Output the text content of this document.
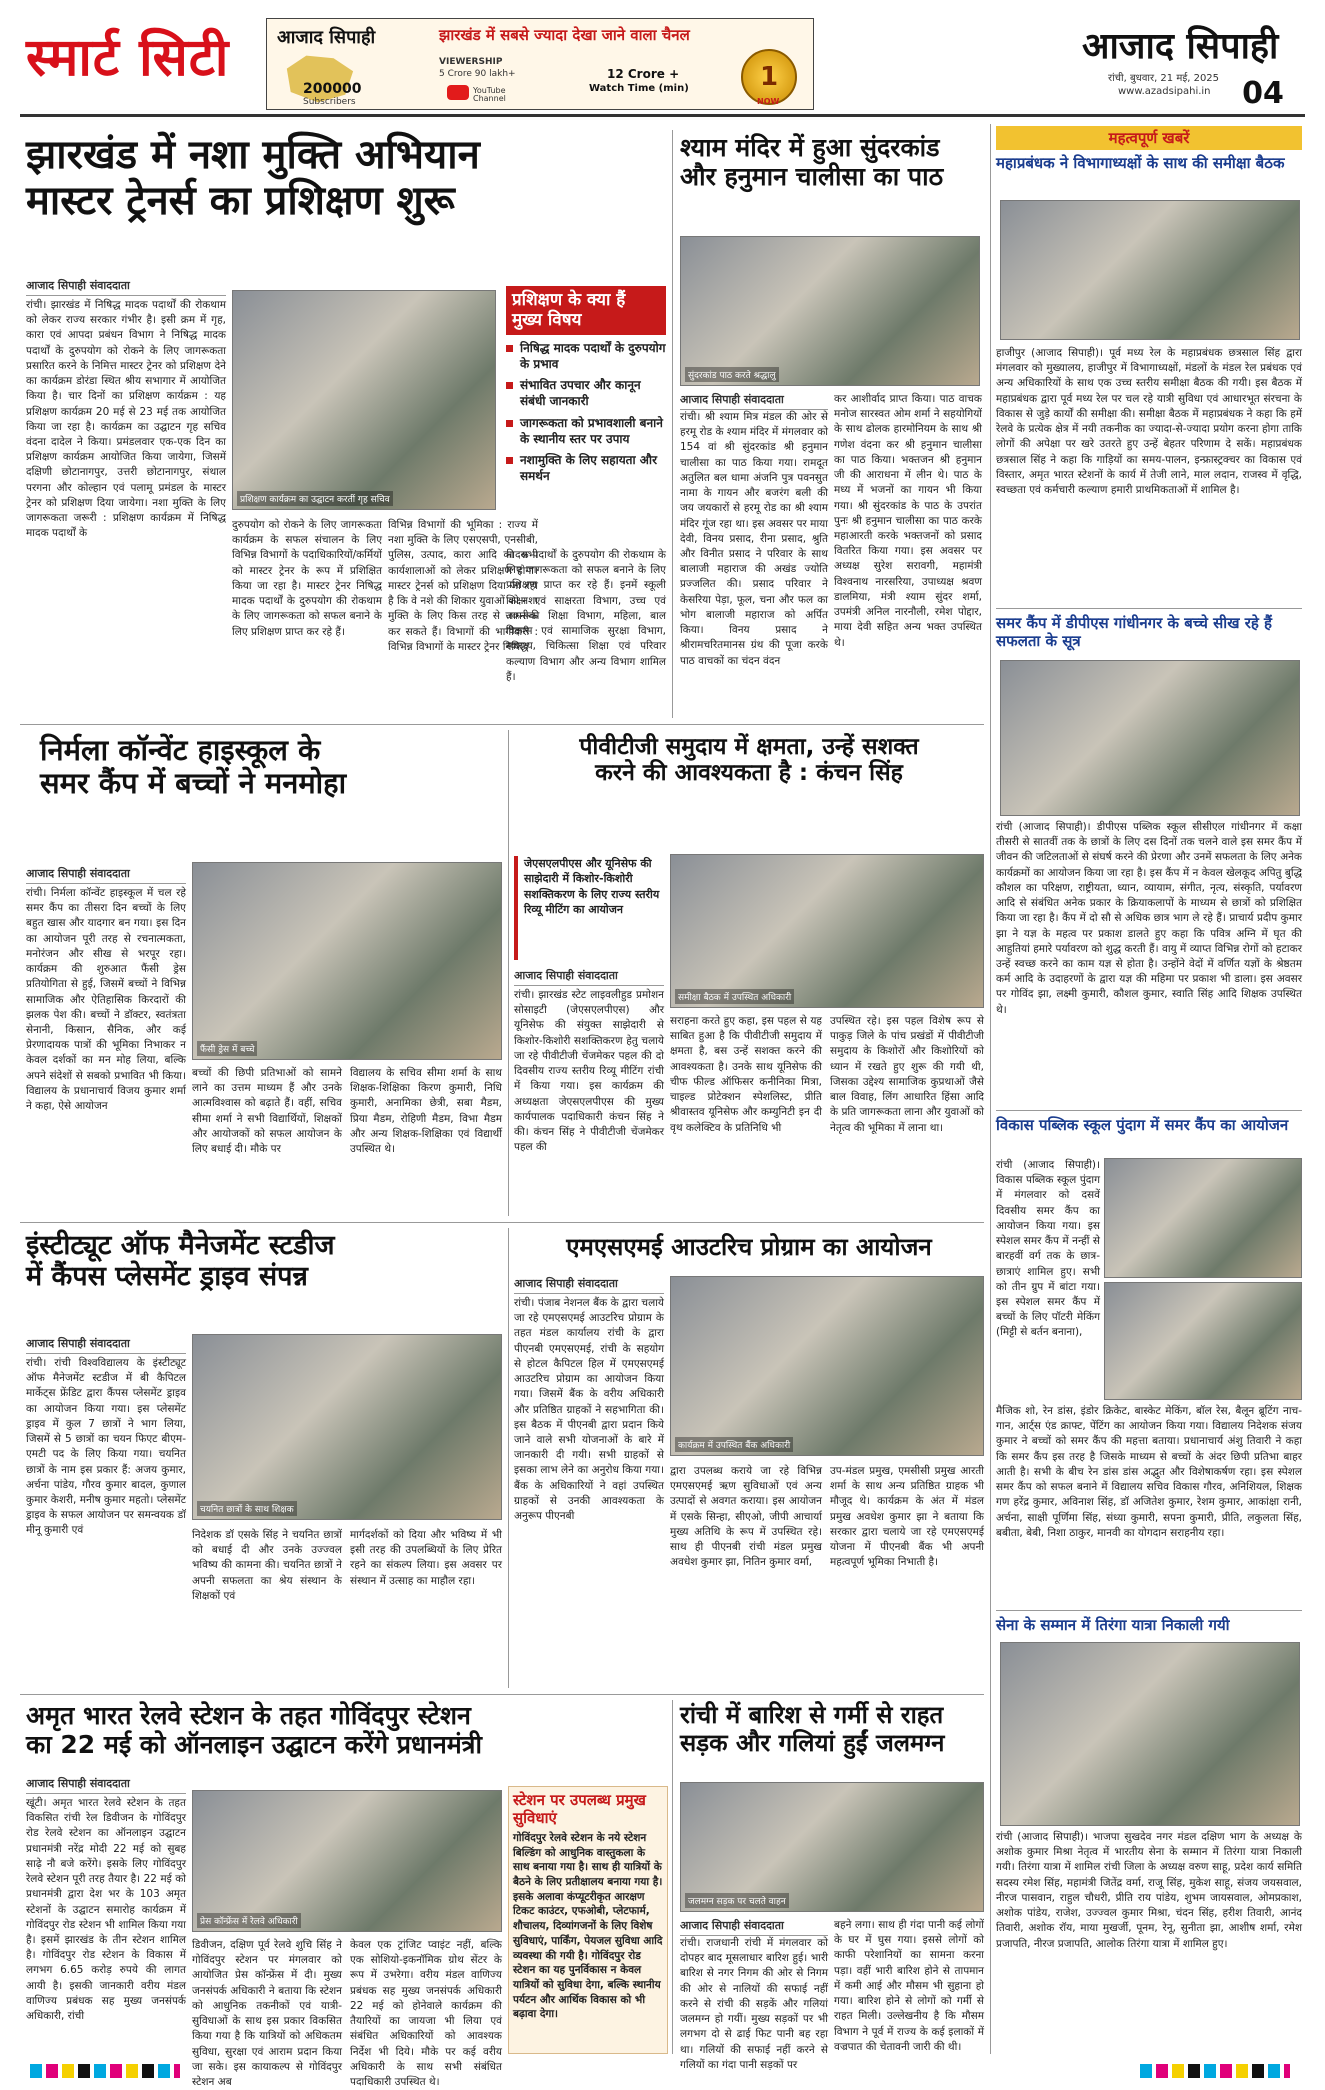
स्मार्ट सिटी	आजाद सिपाही	झारखंड में सबसे ज्यादा देखा जाने वाला चैनल
200000
Subscribers
VIEWERSHIP
5 Crore 90 lakh+
YouTube Channel
12 Crore +
Watch Time (min)	1
NOW
आजाद सिपाही
रांची, बुधवार, 21 मई, 2025
www.azadsipahi.in 04
झारखंड में नशा मुक्ति अभियान
मास्टर ट्रेनर्स का प्रशिक्षण शुरू
आजाद सिपाही संवाददाता
रांची। झारखंड में निषिद्ध मादक पदार्थों की रोकथाम को लेकर राज्य सरकार गंभीर है। इसी क्रम में गृह, कारा एवं आपदा प्रबंधन विभाग ने निषिद्ध मादक पदार्थों के दुरुपयोग को रोकने के लिए जागरूकता प्रसारित करने के निमित्त मास्टर ट्रेनर को प्रशिक्षण देने का कार्यक्रम डोरंडा स्थित श्रीय सभागार में आयोजित किया है। चार दिनों का प्रशिक्षण कार्यक्रम : यह प्रशिक्षण कार्यक्रम 20 मई से 23 मई तक आयोजित किया जा रहा है। कार्यक्रम का उद्घाटन गृह सचिव वंदना दादेल ने किया। प्रमंडलवार एक-एक दिन का प्रशिक्षण कार्यक्रम आयोजित किया जायेगा, जिसमें दक्षिणी छोटानागपुर, उत्तरी छोटानागपुर, संथाल परगना और कोल्हान एवं पलामू प्रमंडल के मास्टर ट्रेनर को प्रशिक्षण दिया जायेगा। नशा मुक्ति के लिए जागरूकता जरूरी : प्रशिक्षण कार्यक्रम में निषिद्ध मादक पदार्थों के
प्रशिक्षण कार्यक्रम का उद्घाटन करतीं गृह सचिव
प्रशिक्षण के क्या हैं मुख्य विषय
निषिद्ध मादक पदार्थों के दुरुपयोग के प्रभाव
संभावित उपचार और कानून संबंधी जानकारी
जागरूकता को प्रभावशाली बनाने के स्थानीय स्तर पर उपाय
नशामुक्ति के लिए सहायता और समर्थन
दुरुपयोग को रोकने के लिए जागरूकता कार्यक्रम के सफल संचालन के लिए विभिन्न विभागों के पदाधिकारियों/कर्मियों को मास्टर ट्रेनर के रूप में प्रशिक्षित किया जा रहा है। मास्टर ट्रेनर निषिद्ध मादक पदार्थों के दुरुपयोग की रोकथाम के लिए जागरूकता को सफल बनाने के लिए प्रशिक्षण प्राप्त कर रहे हैं।
विभिन्न विभागों की भूमिका : राज्य में नशा मुक्ति के लिए एसएसपी, एनसीबी, पुलिस, उत्पाद, कारा आदि की सभी कार्यशालाओं को लेकर प्रशिक्षण होगा। मास्टर ट्रेनर्स को प्रशिक्षण दिया जा रहा है कि वे नशे की शिकार युवाओं को नशा मुक्ति के लिए किस तरह से जागरूक कर सकते हैं। विभागों की भागीदारी : विभिन्न विभागों के मास्टर ट्रेनर निषिद्ध
मादक पदार्थों के दुरुपयोग की रोकथाम के लिए जागरूकता को सफल बनाने के लिए प्रशिक्षण प्राप्त कर रहे हैं। इनमें स्कूली शिक्षा एवं साक्षरता विभाग, उच्च एवं तकनीकी शिक्षा विभाग, महिला, बाल विकास एवं सामाजिक सुरक्षा विभाग, स्वास्थ्य, चिकित्सा शिक्षा एवं परिवार कल्याण विभाग और अन्य विभाग शामिल हैं।
श्याम मंदिर में हुआ सुंदरकांड
और हनुमान चालीसा का पाठ
सुंदरकांड पाठ करते श्रद्धालु
आजाद सिपाही संवाददाता
रांची। श्री श्याम मित्र मंडल की ओर से हरमू रोड के श्याम मंदिर में मंगलवार को 154 वां श्री सुंदरकांड श्री हनुमान चालीसा का पाठ किया गया। रामदूत अतुलित बल धामा अंजनि पुत्र पवनसुत नामा के गायन और बजरंग बली की जय जयकारों से हरमू रोड का श्री श्याम मंदिर गूंज रहा था। इस अवसर पर माया देवी, विनय प्रसाद, रीना प्रसाद, श्रुति और विनीत प्रसाद ने परिवार के साथ बालाजी महाराज की अखंड ज्योति प्रज्जलित की। प्रसाद परिवार ने केसरिया पेड़ा, फूल, चना और फल का भोग बालाजी महाराज को अर्पित किया। विनय प्रसाद ने श्रीरामचरितमानस ग्रंथ की पूजा करके पाठ वाचकों का चंदन वंदन
कर आशीर्वाद प्राप्त किया। पाठ वाचक मनोज सारस्वत ओम शर्मा ने सहयोगियों के साथ ढोलक हारमोनियम के साथ श्री गणेश वंदना कर श्री हनुमान चालीसा का पाठ किया। भक्तजन श्री हनुमान जी की आराधना में लीन थे। पाठ के मध्य में भजनों का गायन भी किया गया। श्री सुंदरकांड के पाठ के उपरांत पुनः श्री हनुमान चालीसा का पाठ करके महाआरती करके भक्तजनों को प्रसाद वितरित किया गया। इस अवसर पर अध्यक्ष सुरेश सरावगी, महामंत्री विश्वनाथ नारसरिया, उपाध्यक्ष श्रवण डालमिया, मंत्री श्याम सुंदर शर्मा, उपमंत्री अनिल नारनौली, रमेश पोद्दार, माया देवी सहित अन्य भक्त उपस्थित थे।
निर्मला कॉन्वेंट हाइस्कूल के
समर कैंप में बच्चों ने मनमोहा
आजाद सिपाही संवाददाता
रांची। निर्मला कॉन्वेंट हाइस्कूल में चल रहे समर कैंप का तीसरा दिन बच्चों के लिए बहुत खास और यादगार बन गया। इस दिन का आयोजन पूरी तरह से रचनात्मकता, मनोरंजन और सीख से भरपूर रहा। कार्यक्रम की शुरुआत फैंसी ड्रेस प्रतियोगिता से हुई, जिसमें बच्चों ने विभिन्न सामाजिक और ऐतिहासिक किरदारों की झलक पेश की। बच्चों ने डॉक्टर, स्वतंत्रता सेनानी, किसान, सैनिक, और कई प्रेरणादायक पात्रों की भूमिका निभाकर न केवल दर्शकों का मन मोह लिया, बल्कि अपने संदेशों से सबको प्रभावित भी किया। विद्यालय के प्रधानाचार्य विजय कुमार शर्मा ने कहा, ऐसे आयोजन
फैंसी ड्रेस में बच्चे
बच्चों की छिपी प्रतिभाओं को सामने लाने का उत्तम माध्यम हैं और उनके आत्मविश्वास को बढ़ाते हैं। वहीं, सचिव सीमा शर्मा ने सभी विद्यार्थियों, शिक्षकों और आयोजकों को सफल आयोजन के लिए बधाई दी। मौके पर
विद्यालय के सचिव सीमा शर्मा के साथ शिक्षक-शिक्षिका किरण कुमारी, निधि कुमारी, अनामिका छेत्री, सबा मैडम, प्रिया मैडम, रोहिणी मैडम, विभा मैडम और अन्य शिक्षक-शिक्षिका एवं विद्यार्थी उपस्थित थे।
पीवीटीजी समुदाय में क्षमता, उन्हें सशक्त
करने की आवश्यकता है : कंचन सिंह
जेएसएलपीएस और यूनिसेफ की साझेदारी में किशोर-किशोरी सशक्तिकरण के लिए राज्य स्तरीय रिव्यू मीटिंग का आयोजन
समीक्षा बैठक में उपस्थित अधिकारी
आजाद सिपाही संवाददाता
रांची। झारखंड स्टेट लाइवलीहुड प्रमोशन सोसाइटी (जेएसएलपीएस) और यूनिसेफ की संयुक्त साझेदारी से किशोर-किशोरी सशक्तिकरण हेतु चलाये जा रहे पीवीटीजी चेंजमेकर पहल की दो दिवसीय राज्य स्तरीय रिव्यू मीटिंग रांची में किया गया। इस कार्यक्रम की अध्यक्षता जेएसएलपीएस की मुख्य कार्यपालक पदाधिकारी कंचन सिंह ने की। कंचन सिंह ने पीवीटीजी चेंजमेकर पहल की
सराहना करते हुए कहा, इस पहल से यह साबित हुआ है कि पीवीटीजी समुदाय में क्षमता है, बस उन्हें सशक्त करने की आवश्यकता है। उनके साथ यूनिसेफ की चीफ फील्ड ऑफिसर कनीनिका मित्रा, चाइल्ड प्रोटेक्शन स्पेशलिस्ट, प्रीति श्रीवास्तव यूनिसेफ और कम्युनिटी इन दी वृथ कलेक्टिव के प्रतिनिधि भी
उपस्थित रहे। इस पहल विशेष रूप से पाकुड़ जिले के पांच प्रखंडों में पीवीटीजी समुदाय के किशोरों और किशोरियों को ध्यान में रखते हुए शुरू की गयी थी, जिसका उद्देश्य सामाजिक कुप्रथाओं जैसे बाल विवाह, लिंग आधारित हिंसा आदि के प्रति जागरूकता लाना और युवाओं को नेतृत्व की भूमिका में लाना था।
इंस्टीट्यूट ऑफ मैनेजमेंट स्टडीज
में कैंपस प्लेसमेंट ड्राइव संपन्न
आजाद सिपाही संवाददाता
रांची। रांची विश्वविद्यालय के इंस्टीट्यूट ऑफ मैनेजमेंट स्टडीज में बी कैपिटल मार्केट्स फ्रेंडिट द्वारा कैंपस प्लेसमेंट ड्राइव का आयोजन किया गया। इस प्लेसमेंट ड्राइव में कुल 7 छात्रों ने भाग लिया, जिसमें से 5 छात्रों का चयन फिएट बीएम-एमटी पद के लिए किया गया। चयनित छात्रों के नाम इस प्रकार हैं: अजय कुमार, अर्चना पांडेय, गौरव कुमार बादल, कुणाल कुमार केशरी, मनीष कुमार महतो। प्लेसमेंट ड्राइव के सफल आयोजन पर समन्वयक डॉ मीनू कुमारी एवं
चयनित छात्रों के साथ शिक्षक
निदेशक डॉ एसके सिंह ने चयनित छात्रों को बधाई दी और उनके उज्ज्वल भविष्य की कामना की। चयनित छात्रों ने अपनी सफलता का श्रेय संस्थान के शिक्षकों एवं
मार्गदर्शकों को दिया और भविष्य में भी इसी तरह की उपलब्धियों के लिए प्रेरित रहने का संकल्प लिया। इस अवसर पर संस्थान में उत्साह का माहौल रहा।
एमएसएमई आउटरिच प्रोग्राम का आयोजन
आजाद सिपाही संवाददाता
रांची। पंजाब नेशनल बैंक के द्वारा चलाये जा रहे एमएसएमई आउटरिच प्रोग्राम के तहत मंडल कार्यालय रांची के द्वारा पीएनबी एमएसएमई, रांची के सहयोग से होटल कैपिटल हिल में एमएसएमई आउटरिच प्रोग्राम का आयोजन किया गया। जिसमें बैंक के वरीय अधिकारी और प्रतिष्ठित ग्राहकों ने सहभागिता की। इस बैठक में पीएनबी द्वारा प्रदान किये जाने वाले सभी योजनाओं के बारे में जानकारी दी गयी। सभी ग्राहकों से इसका लाभ लेने का अनुरोध किया गया। बैंक के अधिकारियों ने वहां उपस्थित ग्राहकों से उनकी आवश्यकता के अनुरूप पीएनबी
कार्यक्रम में उपस्थित बैंक अधिकारी
द्वारा उपलब्ध कराये जा रहे विभिन्न एमएसएमई ऋण सुविधाओं एवं अन्य उत्पादों से अवगत कराया। इस आयोजन में एसके सिन्हा, सीएओ, जीपी आचार्या मुख्य अतिथि के रूप में उपस्थित रहे। साथ ही पीएनबी रांची मंडल प्रमुख अवधेश कुमार झा, नितिन कुमार वर्मा,
उप-मंडल प्रमुख, एमसीसी प्रमुख आरती शर्मा के साथ अन्य प्रतिष्ठित ग्राहक भी मौजूद थे। कार्यक्रम के अंत में मंडल प्रमुख अवधेश कुमार झा ने बताया कि सरकार द्वारा चलाये जा रहे एमएसएमई योजना में पीएनबी बैंक भी अपनी महत्वपूर्ण भूमिका निभाती है।
अमृत भारत रेलवे स्टेशन के तहत गोविंदपुर स्टेशन
का 22 मई को ऑनलाइन उद्घाटन करेंगे प्रधानमंत्री
आजाद सिपाही संवाददाता
खूंटी। अमृत भारत रेलवे स्टेशन के तहत विकसित रांची रेल डिवीजन के गोविंदपुर रोड रेलवे स्टेशन का ऑनलाइन उद्घाटन प्रधानमंत्री नरेंद्र मोदी 22 मई को सुबह साढ़े नौ बजे करेंगे। इसके लिए गोविंदपुर रेलवे स्टेशन पूरी तरह तैयार है। 22 मई को प्रधानमंत्री द्वारा देश भर के 103 अमृत स्टेशनों के उद्घाटन समारोह कार्यक्रम में गोविंदपुर रोड स्टेशन भी शामिल किया गया है। इसमें झारखंड के तीन स्टेशन शामिल है। गोविंदपुर रोड स्टेशन के विकास में लगभग 6.65 करोड़ रुपये की लागत आयी है। इसकी जानकारी वरीय मंडल वाणिज्य प्रबंधक सह मुख्य जनसंपर्क अधिकारी, रांची
प्रेस कॉन्फ्रेंस में रेलवे अधिकारी
डिवीजन, दक्षिण पूर्व रेलवे शुचि सिंह ने गोविंदपुर स्टेशन पर मंगलवार को आयोजित प्रेस कॉन्फ्रेंस में दी। मुख्य जनसंपर्क अधिकारी ने बताया कि स्टेशन को आधुनिक तकनीकों एवं यात्री-सुविधाओं के साथ इस प्रकार विकसित किया गया है कि यात्रियों को अधिकतम सुविधा, सुरक्षा एवं आराम प्रदान किया जा सके। इस कायाकल्प से गोविंदपुर स्टेशन अब
केवल एक ट्रांजिट प्वाइंट नहीं, बल्कि एक सोशियो-इकनॉमिक ग्रोथ सेंटर के रूप में उभरेगा। वरीय मंडल वाणिज्य प्रबंधक सह मुख्य जनसंपर्क अधिकारी 22 मई को होनेवाले कार्यक्रम की तैयारियों का जायजा भी लिया एवं संबंधित अधिकारियों को आवश्यक निर्देश भी दिये। मौके पर कई वरीय अधिकारी के साथ सभी संबंधित पदाधिकारी उपस्थित थे।
स्टेशन पर उपलब्ध प्रमुख सुविधाएं
गोविंदपुर रेलवे स्टेशन के नये स्टेशन बिल्डिंग को आधुनिक वास्तुकला के साथ बनाया गया है। साथ ही यात्रियों के बैठने के लिए प्रतीक्षालय बनाया गया है। इसके अलावा कंप्यूटरीकृत आरक्षण टिकट काउंटर, एफओबी, प्लेटफार्म, शौचालय, दिव्यांगजनों के लिए विशेष सुविधाएं, पार्किंग, पेयजल सुविधा आदि व्यवस्था की गयी है। गोविंदपुर रोड स्टेशन का यह पुनर्विकास न केवल यात्रियों को सुविधा देगा, बल्कि स्थानीय पर्यटन और आर्थिक विकास को भी बढ़ावा देगा।
रांची में बारिश से गर्मी से राहत
सड़क और गलियां हुईं जलमग्न
जलमग्न सड़क पर चलते वाहन
आजाद सिपाही संवाददाता
रांची। राजधानी रांची में मंगलवार को दोपहर बाद मूसलाधार बारिश हुई। भारी बारिश से नगर निगम की ओर से निगम की ओर से नालियों की सफाई नहीं करने से रांची की सड़कें और गलियां जलमग्न हो गयीं। मुख्य सड़कों पर भी लगभग दो से ढाई फिट पानी बह रहा था। गलियों की सफाई नहीं करने से गलियों का गंदा पानी सड़कों पर
बहने लगा। साथ ही गंदा पानी कई लोगों के घर में घुस गया। इससे लोगों को काफी परेशानियों का सामना करना पड़ा। वहीं भारी बारिश होने से तापमान में कमी आई और मौसम भी सुहाना हो गया। बारिश होने से लोगों को गर्मी से राहत मिली। उल्लेखनीय है कि मौसम विभाग ने पूर्व में राज्य के कई इलाकों में वज्रपात की चेतावनी जारी की थी।
महत्वपूर्ण खबरें
महाप्रबंधक ने विभागाध्यक्षों के साथ की समीक्षा बैठक
हाजीपुर (आजाद सिपाही)। पूर्व मध्य रेल के महाप्रबंधक छत्रसाल सिंह द्वारा मंगलवार को मुख्यालय, हाजीपुर में विभागाध्यक्षों, मंडलों के मंडल रेल प्रबंधक एवं अन्य अधिकारियों के साथ एक उच्च स्तरीय समीक्षा बैठक की गयी। इस बैठक में महाप्रबंधक द्वारा पूर्व मध्य रेल पर चल रहे यात्री सुविधा एवं आधारभूत संरचना के विकास से जुड़े कार्यों की समीक्षा की। समीक्षा बैठक में महाप्रबंधक ने कहा कि हमें रेलवे के प्रत्येक क्षेत्र में नयी तकनीक का ज्यादा-से-ज्यादा प्रयोग करना होगा ताकि लोगों की अपेक्षा पर खरे उतरते हुए उन्हें बेहतर परिणाम दे सकें। महाप्रबंधक छत्रसाल सिंह ने कहा कि गाड़ियों का समय-पालन, इन्फ्रास्ट्रक्चर का विकास एवं विस्तार, अमृत भारत स्टेशनों के कार्य में तेजी लाने, माल लदान, राजस्व में वृद्धि, स्वच्छता एवं कर्मचारी कल्याण हमारी प्राथमिकताओं में शामिल है।
समर कैंप में डीपीएस गांधीनगर के बच्चे सीख रहे हैं सफलता के सूत्र
रांची (आजाद सिपाही)। डीपीएस पब्लिक स्कूल सीसीएल गांधीनगर में कक्षा तीसरी से सातवीं तक के छात्रों के लिए दस दिनों तक चलने वाले इस समर कैंप में जीवन की जटिलताओं से संघर्ष करने की प्रेरणा और उनमें सफलता के लिए अनेक कार्यक्रमों का आयोजन किया जा रहा है। इस कैंप में न केवल खेलकूद अपितु बुद्धि कौशल का परिक्षण, राष्ट्रीयता, ध्यान, व्यायाम, संगीत, नृत्य, संस्कृति, पर्यावरण आदि से संबंधित अनेक प्रकार के क्रियाकलापों के माध्यम से छात्रों को प्रशिक्षित किया जा रहा है। कैंप में दो सौ से अधिक छात्र भाग ले रहे हैं। प्राचार्य प्रदीप कुमार झा ने यज्ञ के महत्व पर प्रकाश डालते हुए कहा कि पवित्र अग्नि में घृत की आहुतियां हमारे पर्यावरण को शुद्ध करती हैं। वायु में व्याप्त विभिन्न रोगों को हटाकर उन्हें स्वच्छ करने का काम यज्ञ से होता है। उन्होंने वेदों में वर्णित यज्ञों के श्रेष्ठतम कर्म आदि के उदाहरणों के द्वारा यज्ञ की महिमा पर प्रकाश भी डाला। इस अवसर पर गोविंद झा, लक्ष्मी कुमारी, कौशल कुमार, स्वाति सिंह आदि शिक्षक उपस्थित थे।
विकास पब्लिक स्कूल पुंदाग में समर कैंप का आयोजन
रांची (आजाद सिपाही)। विकास पब्लिक स्कूल पुंदाग में मंगलवार को दसवें दिवसीय समर कैंप का आयोजन किया गया। इस स्पेशल समर कैंप में नन्हीं से बारहवीं वर्ग तक के छात्र-छात्राएं शामिल हुए। सभी को तीन ग्रुप में बांटा गया। इस स्पेशल समर कैंप में बच्चों के लिए पॉटरी मेकिंग (मिट्टी से बर्तन बनाना),
मैजिक शो, रेन डांस, इंडोर क्रिकेट, बास्केट मेकिंग, बॉल रेस, बैलून ब्रूटिंग नाच-गान, आर्ट्स एंड क्राफ्ट, पेंटिंग का आयोजन किया गया। विद्यालय निदेशक संजय कुमार ने बच्चों को समर कैंप की महत्ता बताया। प्रधानाचार्य अंशु तिवारी ने कहा कि समर कैंप इस तरह है जिसके माध्यम से बच्चों के अंदर छिपी प्रतिभा बाहर आती है। सभी के बीच रेन डांस डांस अद्भुत और विशेषाकर्षण रहा। इस स्पेशल समर कैंप को सफल बनाने में विद्यालय सचिव विकास गौरव, अनिशियल, शिक्षक गण हरेंद्र कुमार, अविनाश सिंह, डॉ अजितेश कुमार, रेशम कुमार, आकांक्षा रानी, अर्चना, साक्षी पूर्णिमा सिंह, संध्या कुमारी, सपना कुमारी, प्रीति, लकुलता सिंह, बबीता, बेबी, निशा ठाकुर, मानवी का योगदान सराहनीय रहा।
सेना के सम्मान में तिरंगा यात्रा निकाली गयी
रांची (आजाद सिपाही)। भाजपा सुखदेव नगर मंडल दक्षिण भाग के अध्यक्ष के अशोक कुमार मिश्रा नेतृत्व में भारतीय सेना के सम्मान में तिरंगा यात्रा निकाली गयी। तिरंगा यात्रा में शामिल रांची जिला के अध्यक्ष वरुण साहू, प्रदेश कार्य समिति सदस्य रमेश सिंह, महामंत्री जितेंद्र वर्मा, राजू सिंह, मुकेश साहू, संजय जयसवाल, नीरज पासवान, राहुल चौधरी, प्रीति राय पांडेय, शुभम जायसवाल, ओमप्रकाश, अशोक पांडेय, राजेश, उज्ज्वल कुमार मिश्रा, चंदन सिंह, हरीश तिवारी, आनंद तिवारी, अशोक रॉय, माया मुखर्जी, पूनम, रेनू, सुनीता झा, आशीष शर्मा, रमेश प्रजापति, नीरज प्रजापति, आलोक तिरंगा यात्रा में शामिल हुए।
